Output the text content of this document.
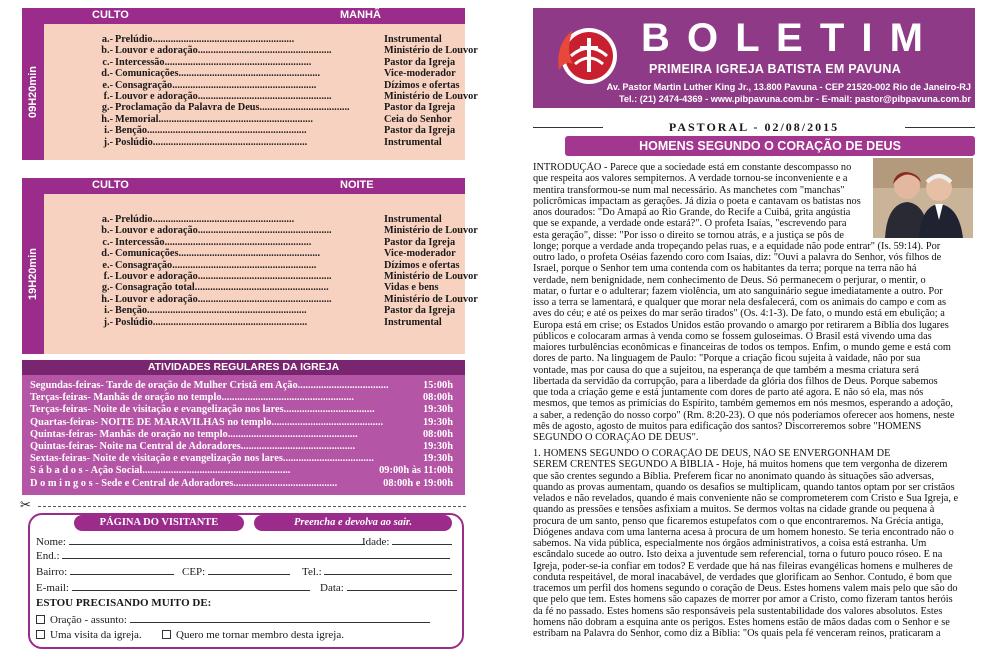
CULTO	MANHÃ
09H20min
a.- Prelúdio.......................................................	Instrumental
b.- Louvor e adoração....................................................	Ministério de Louvor
c.- Intercessão.........................................................	Pastor da Igreja
d.- Comunicações.......................................................	Vice-moderador
e.- Consagração........................................................	Dízimos e ofertas
f.- Louvor e adoração....................................................	Ministério de Louvor
g.- Proclamação da Palavra de Deus...................................	Pastor da Igreja
h.- Memorial............................................................	Ceia do Senhor
i.- Benção..............................................................	Pastor da Igreja
j.- Poslúdio............................................................	Instrumental
CULTO	NOITE
19H20min
a.- Prelúdio.......................................................	Instrumental
b.- Louvor e adoração....................................................	Ministério de Louvor
c.- Intercessão.........................................................	Pastor da Igreja
d.- Comunicações.......................................................	Vice-moderador
e.- Consagração........................................................	Dízimos e ofertas
f.- Louvor e adoração....................................................	Ministério de Louvor
g.- Consagração total....................................................	Vidas e bens
h.- Louvor e adoração....................................................	Ministério de Louvor
i.- Benção..............................................................	Pastor da Igreja
j.- Poslúdio............................................................	Instrumental
ATIVIDADES REGULARES DA IGREJA
Segundas-feiras- Tarde de oração de Mulher Cristã em Ação...................................	15:00h
Terças-feiras- Manhãs de oração no templo...................................................	08:00h
Terças-feiras- Noite de visitação e evangelização nos lares...................................	19:30h
Quartas-feiras- NOITE DE MARAVILHAS no templo...........................................	19:30h
Quintas-feiras- Manhãs de oração no templo..................................................	08:00h
Quintas-feiras- Noite na Central de Adoradores............................................	19:30h
Sextas-feiras- Noite de visitação e evangelização nos lares...................................	19:30h
S á b a d o s - Ação Social.........................................................	09:00h às 11:00h
D o m i n g o s - Sede e Central de Adoradores........................................	08:00h e 19:00h
✂
PÁGINA DO VISITANTE	Preencha e devolva ao sair.
Nome:	Idade:
End.:
Bairro:	CEP:	Tel.:
E-mail:	Data:
ESTOU PRECISANDO MUITO DE:
Oração - assunto:
Uma visita da igreja.	Quero me tornar membro desta igreja.
B O L E T I M
PRIMEIRA IGREJA BATISTA EM PAVUNA
Av. Pastor Martin Luther King Jr., 13.800 Pavuna - CEP 21520-002 Rio de Janeiro-RJ
Tel.: (21) 2474-4369 - www.pibpavuna.com.br - E-mail: pastor@pibpavuna.com.br
PASTORAL - 02/08/2015
HOMENS SEGUNDO O CORAÇÃO DE DEUS
INTRODUÇÃO - Parece que a sociedade está em constante descompasso no
que respeita aos valores sempiternos. A verdade tornou-se inconveniente e a
mentira transformou-se num mal necessário. As manchetes com "manchas"
policrômicas impactam as gerações. Já dizia o poeta e cantavam os batistas nos
anos dourados: "Do Amapá ao Rio Grande, do Recife a Cuibá, grita angústia
que se expande, a verdade onde estará?". O profeta Isaías, "escrevendo para
esta geração", disse: "Por isso o direito se tornou atrás, e a justiça se pôs de
longe; porque a verdade anda tropeçando pelas ruas, e a equidade não pode entrar" (Is. 59:14). Por
outro lado, o profeta Oséias fazendo coro com Isaías, diz: "Ouvi a palavra do Senhor, vós filhos de
Israel, porque o Senhor tem uma contenda com os habitantes da terra; porque na terra não há
verdade, nem benignidade, nem conhecimento de Deus. Só permanecem o perjurar, o mentir, o
matar, o furtar e o adulterar; fazem violência, um ato sanguinário segue imediatamente a outro. Por
isso a terra se lamentará, e qualquer que morar nela desfalecerá, com os animais do campo e com as
aves do céu; e até os peixes do mar serão tirados" (Os. 4:1-3). De fato, o mundo está em ebulição; a
Europa está em crise; os Estados Unidos estão provando o amargo por retirarem a Bíblia dos lugares
públicos e colocaram armas à venda como se fossem guloseimas. O Brasil está vivendo uma das
maiores turbulências econômicas e financeiras de todos os tempos. Enfim, o mundo geme e está com
dores de parto. Na linguagem de Paulo: "Porque a criação ficou sujeita à vaidade, não por sua
vontade, mas por causa do que a sujeitou, na esperança de que também a mesma criatura será
libertada da servidão da corrupção, para a liberdade da glória dos filhos de Deus. Porque sabemos
que toda a criação geme e está juntamente com dores de parto até agora. E não só ela, mas nós
mesmos, que temos as primícias do Espírito, também gememos em nós mesmos, esperando a adoção,
a saber, a redenção do nosso corpo" (Rm. 8:20-23). O que nós poderíamos oferecer aos homens, neste
mês de agosto, agosto de muitos para edificação dos santos? Discorreremos sobre "HOMENS
SEGUNDO O CORAÇÃO DE DEUS".
1. HOMENS SEGUNDO O CORAÇÃO DE DEUS, NÃO SE ENVERGONHAM DE
SEREM CRENTES SEGUNDO A BÍBLIA - Hoje, há muitos homens que tem vergonha de dizerem
que são crentes segundo a Bíblia. Preferem ficar no anonimato quando às situações são adversas,
quando as provas aumentam, quando os desafios se multiplicam, quando tantos optam por ser cristãos
velados e não revelados, quando é mais conveniente não se comprometerem com Cristo e Sua Igreja, e
quando as pressões e tensões asfixiam a muitos. Se dermos voltas na cidade grande ou pequena à
procura de um santo, penso que ficaremos estupefatos com o que encontraremos. Na Grécia antiga,
Diógenes andava com uma lanterna acesa à procura de um homem honesto. Se teria encontrado não o
sabemos. Na vida pública, especialmente nos órgãos administrativos, a coisa está estranha. Um
escândalo sucede ao outro. Isto deixa a juventude sem referencial, torna o futuro pouco róseo. E na
Igreja, poder-se-ia confiar em todos? É verdade que há nas fileiras evangélicas homens e mulheres de
conduta respeitável, de moral inacabável, de verdades que glorificam ao Senhor. Contudo, é bom que
tracemos um perfil dos homens segundo o coração de Deus. Estes homens valem mais pelo que são do
que pelo que tem. Estes homens são capazes de morrer por amor a Cristo, como fizeram tantos heróis
da fé no passado. Estes homens são responsáveis pela sustentabilidade dos valores absolutos. Estes
homens não dobram a esquina ante os perigos. Estes homens estão de mãos dadas com o Senhor e se
estribam na Palavra do Senhor, como diz a Bíblia: "Os quais pela fé venceram reinos, praticaram a
